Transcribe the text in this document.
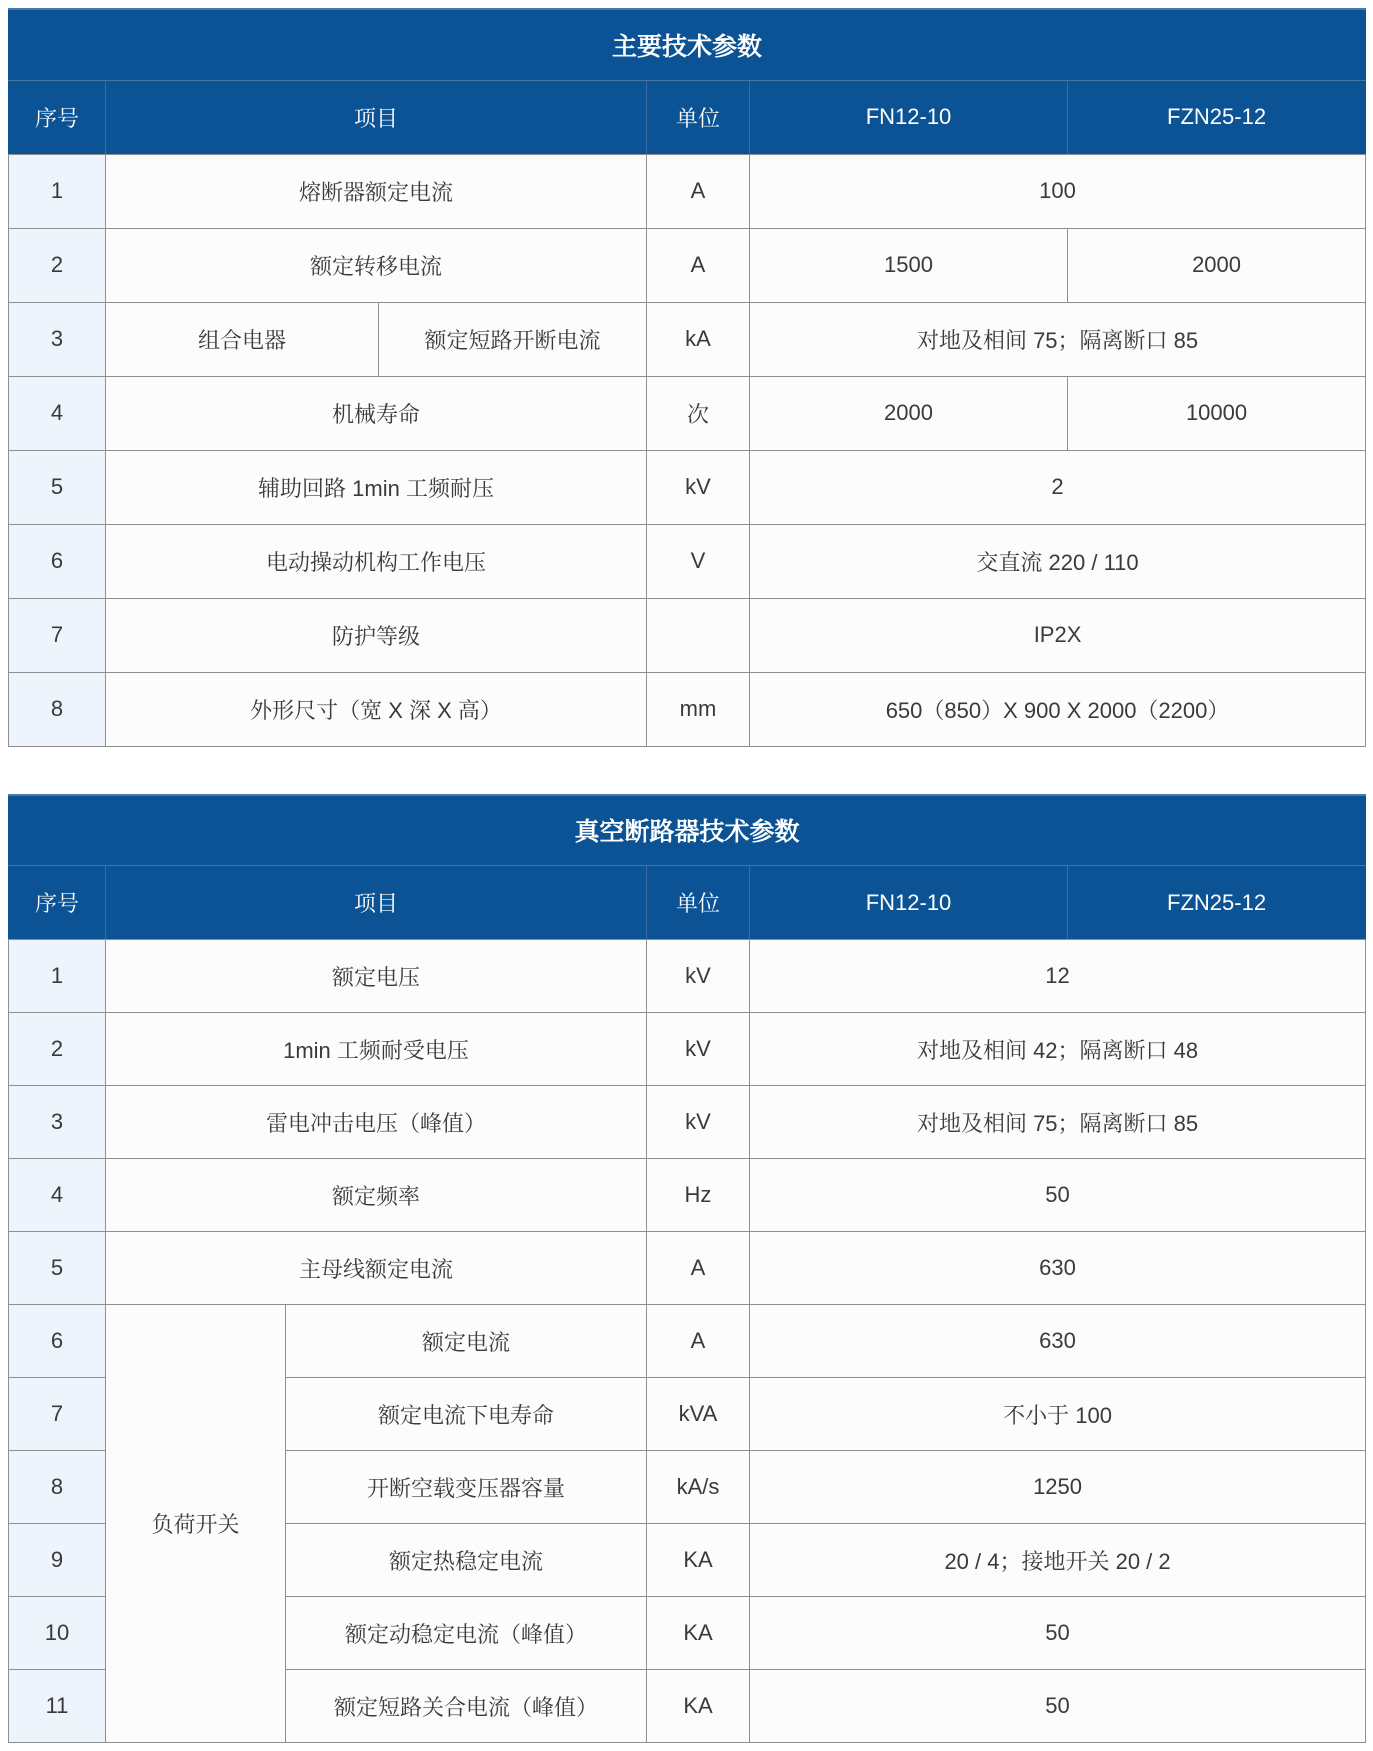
主要技术参数					
序号	项目		单位	FN12-10	FZN25-12
1	熔断器额定电流		A	100	
2	额定转移电流		A	1500	2000
3	组合电器	额定短路开断电流	kA	对地及相间 75；隔离断口 85	
4	机械寿命		次	2000	10000
5	辅助回路 1min 工频耐压		kV	2	
6	电动操动机构工作电压		V	交直流 220 / 110	
7	防护等级			IP2X	
8	外形尺寸（宽 X 深 X 高）		mm	650（850）X 900 X 2000（2200）	
真空断路器技术参数					
序号	项目		单位	FN12-10	FZN25-12
1	额定电压		kV	12	
2	1min 工频耐受电压		kV	对地及相间 42；隔离断口 48	
3	雷电冲击电压（峰值）		kV	对地及相间 75；隔离断口 85	
4	额定频率		Hz	50	
5	主母线额定电流		A	630	
6	负荷开关	额定电流	A	630	
7		额定电流下电寿命	kVA	不小于 100	
8		开断空载变压器容量	kA/s	1250	
9		额定热稳定电流	KA	20 / 4；接地开关 20 / 2	
10		额定动稳定电流（峰值）	KA	50	
11		额定短路关合电流（峰值）	KA	50	
